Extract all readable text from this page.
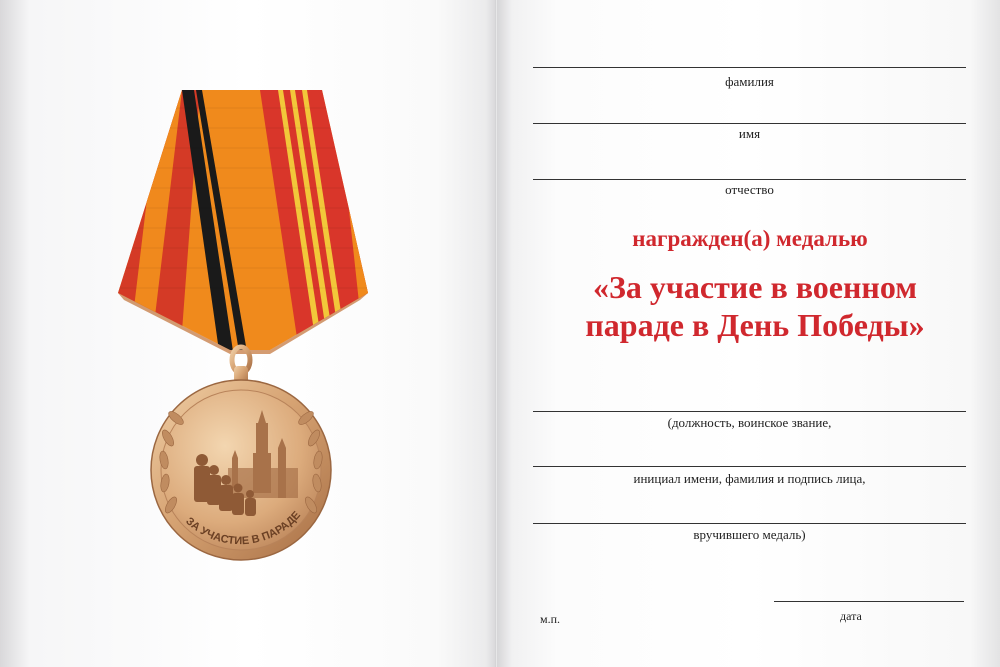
ЗА УЧАСТИЕ В ПАРАДЕ
фамилия
имя
отчество
награжден(а) медалью
«За участие в военном
параде в День Победы»
(должность, воинское звание,
инициал имени, фамилия и подпись лица,
вручившего медаль)
м.п.	дата
